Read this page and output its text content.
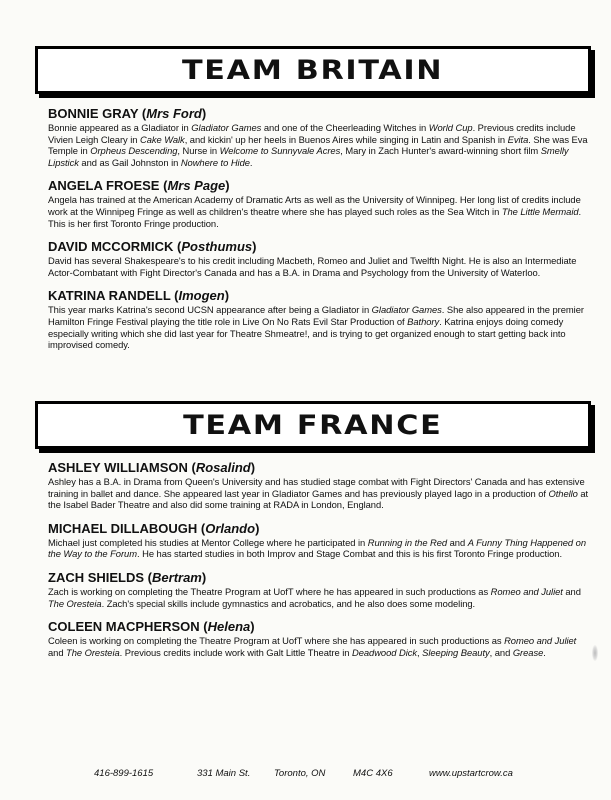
TEAM BRITAIN
BONNIE GRAY (Mrs Ford)

Bonnie appeared as a Gladiator in Gladiator Games and one of the Cheerleading Witches in World Cup. Previous credits include Vivien Leigh Cleary in Cake Walk, and kickin' up her heels in Buenos Aires while singing in Latin and Spanish in Evita. She was Eva Temple in Orpheus Descending, Nurse in Welcome to Sunnyvale Acres, Mary in Zach Hunter's award-winning short film Smelly Lipstick and as Gail Johnston in Nowhere to Hide.

ANGELA FROESE (Mrs Page)

Angela has trained at the American Academy of Dramatic Arts as well as the University of Winnipeg. Her long list of credits include work at the Winnipeg Fringe as well as children's theatre where she has played such roles as the Sea Witch in The Little Mermaid. This is her first Toronto Fringe production.

DAVID MCCORMICK (Posthumus)

David has several Shakespeare's to his credit including Macbeth, Romeo and Juliet and Twelfth Night. He is also an Intermediate Actor-Combatant with Fight Director's Canada and has a B.A. in Drama and Psychology from the University of Waterloo.

KATRINA RANDELL (Imogen)

This year marks Katrina's second UCSN appearance after being a Gladiator in Gladiator Games. She also appeared in the premier Hamilton Fringe Festival playing the title role in Live On No Rats Evil Star Production of Bathory. Katrina enjoys doing comedy especially writing which she did last year for Theatre Shmeatre!, and is trying to get organized enough to start getting back into improvised comedy.

TEAM FRANCE
ASHLEY WILLIAMSON (Rosalind)

Ashley has a B.A. in Drama from Queen's University and has studied stage combat with Fight Directors' Canada and has extensive training in ballet and dance. She appeared last year in Gladiator Games and has previously played Iago in a production of Othello at the Isabel Bader Theatre and also did some training at RADA in London, England.

MICHAEL DILLABOUGH (Orlando)

Michael just completed his studies at Mentor College where he participated in Running in the Red and A Funny Thing Happened on the Way to the Forum. He has started studies in both Improv and Stage Combat and this is his first Toronto Fringe production.

ZACH SHIELDS (Bertram)

Zach is working on completing the Theatre Program at UofT where he has appeared in such productions as Romeo and Juliet and The Oresteia. Zach's special skills include gymnastics and acrobatics, and he also does some modeling.

COLEEN MACPHERSON (Helena)

Coleen is working on completing the Theatre Program at UofT where she has appeared in such productions as Romeo and Juliet and The Oresteia. Previous credits include work with Galt Little Theatre in Deadwood Dick, Sleeping Beauty, and Grease.

416-899-1615	331 Main St. Toronto, ON	M4C 4X6	www.upstartcrow.ca
